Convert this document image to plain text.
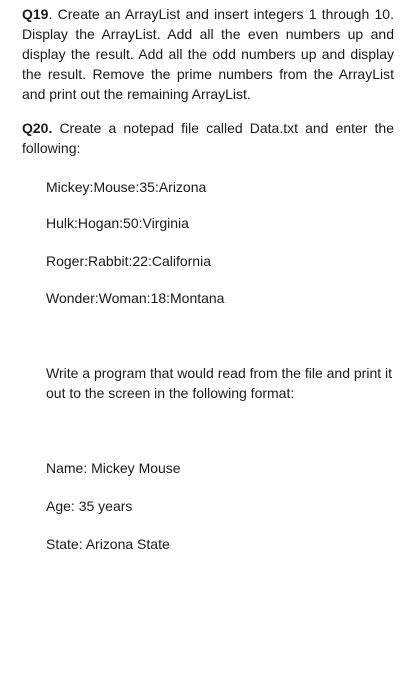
Q19. Create an ArrayList and insert integers 1 through 10. Display the ArrayList. Add all the even numbers up and display the result. Add all the odd numbers up and display the result. Remove the prime numbers from the ArrayList and print out the remaining ArrayList.

Q20. Create a notepad file called Data.txt and enter the following:

Mickey:Mouse:35:Arizona

Hulk:Hogan:50:Virginia

Roger:Rabbit:22:California

Wonder:Woman:18:Montana

Write a program that would read from the file and print it out to the screen in the following format:

Name: Mickey Mouse

Age: 35 years

State: Arizona State
